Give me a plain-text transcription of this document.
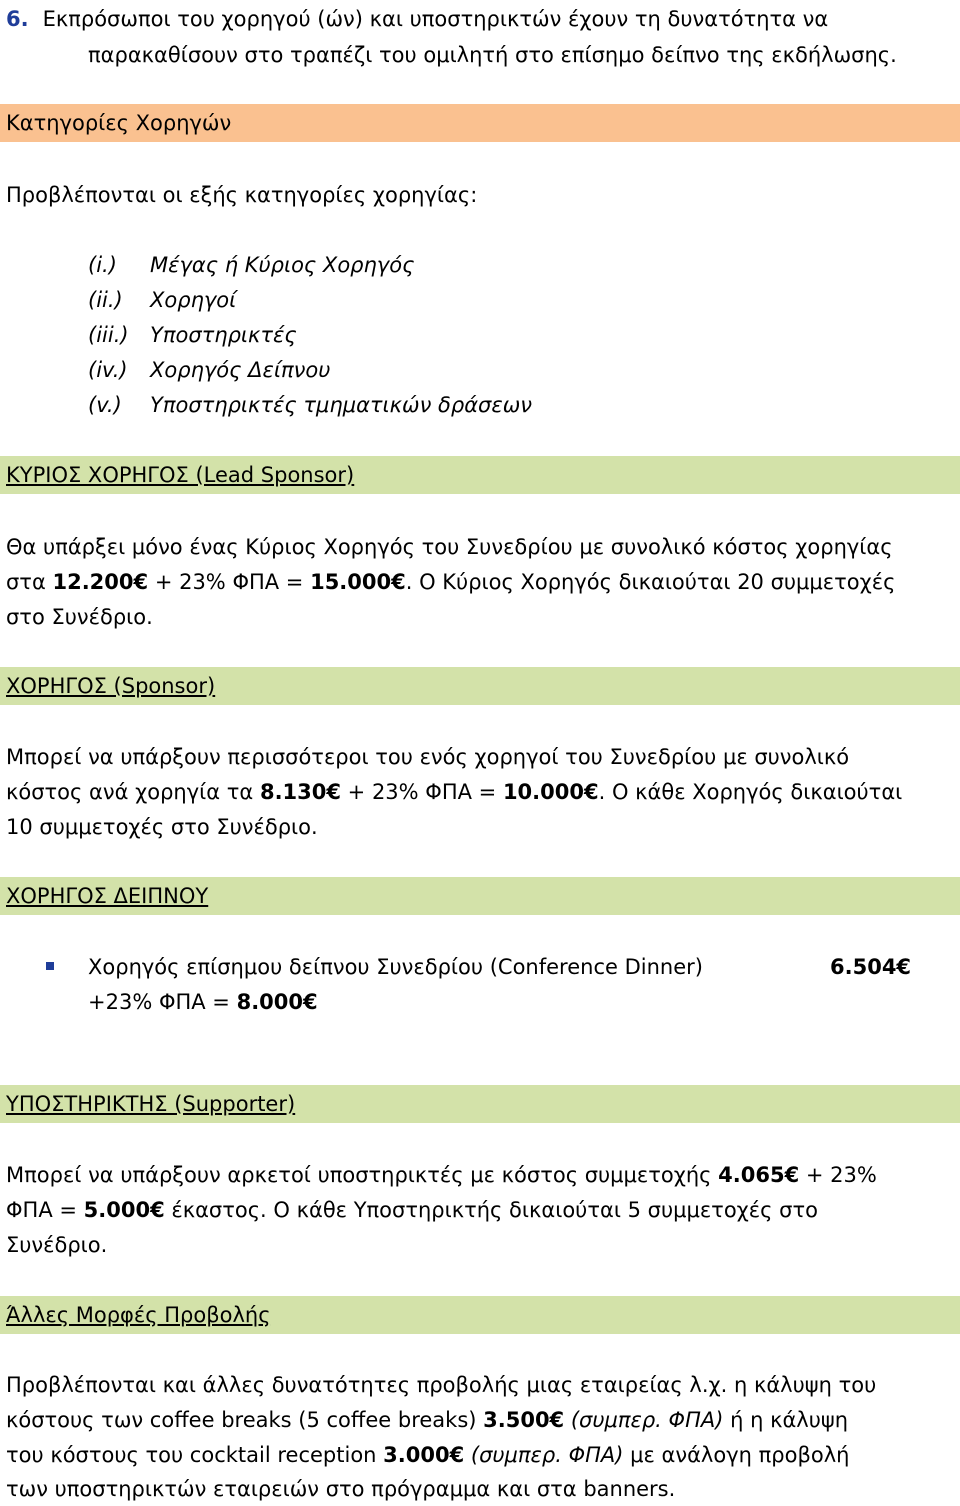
6. Εκπρόσωποι του χορηγού (ών) και υποστηρικτών έχουν τη δυνατότητα να
παρακαθίσουν στο τραπέζι του ομιλητή στο επίσημο δείπνο της εκδήλωσης.
Κατηγορίες Χορηγών
Προβλέπονται οι εξής κατηγορίες χορηγίας:
(i.) Μέγας ή Κύριος Χορηγός
(ii.) Χορηγοί
(iii.) Υποστηρικτές
(iv.) Χορηγός Δείπνου
(v.) Υποστηρικτές τμηματικών δράσεων
ΚΥΡΙΟΣ ΧΟΡΗΓΟΣ (Lead Sponsor)
Θα υπάρξει μόνο ένας Κύριος Χορηγός του Συνεδρίου με συνολικό κόστος χορηγίας
στα 12.200€ + 23% ΦΠΑ = 15.000€. Ο Κύριος Χορηγός δικαιούται 20 συμμετοχές
στο Συνέδριο.
ΧΟΡΗΓΟΣ (Sponsor)
Μπορεί να υπάρξουν περισσότεροι του ενός χορηγοί του Συνεδρίου με συνολικό
κόστος ανά χορηγία τα 8.130€ + 23% ΦΠΑ = 10.000€. Ο κάθε Χορηγός δικαιούται
10 συμμετοχές στο Συνέδριο.
ΧΟΡΗΓΟΣ ΔΕΙΠΝΟΥ
Χορηγός επίσημου δείπνου Συνεδρίου (Conference Dinner)	6.504€
+23% ΦΠΑ = 8.000€
ΥΠΟΣΤΗΡΙΚΤΗΣ (Supporter)
Μπορεί να υπάρξουν αρκετοί υποστηρικτές με κόστος συμμετοχής 4.065€ + 23%
ΦΠΑ = 5.000€ έκαστος. Ο κάθε Υποστηρικτής δικαιούται 5 συμμετοχές στο
Συνέδριο.
Άλλες Μορφές Προβολής
Προβλέπονται και άλλες δυνατότητες προβολής μιας εταιρείας λ.χ. η κάλυψη του
κόστους των coffee breaks (5 coffee breaks) 3.500€ (συμπερ. ΦΠΑ) ή η κάλυψη
του κόστους του cocktail reception 3.000€ (συμπερ. ΦΠΑ) με ανάλογη προβολή
των υποστηρικτών εταιρειών στο πρόγραμμα και στα banners.
